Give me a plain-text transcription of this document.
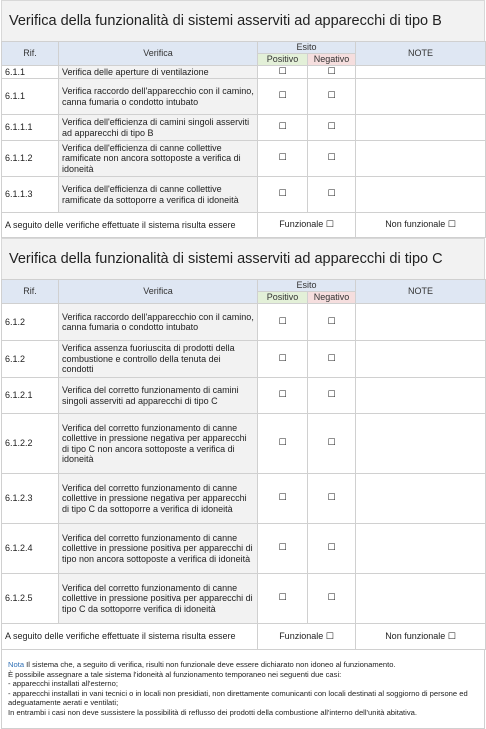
Verifica della funzionalità di sistemi asserviti ad apparecchi di tipo B
Rif.	Verifica	Esito		NOTE
		Positivo	Negativo	
6.1.1	Verifica delle aperture di ventilazione	☐	☐	
6.1.1	Verifica raccordo dell'apparecchio con il camino, canna fumaria o condotto intubato	☐	☐	
6.1.1.1	Verifica dell'efficienza di camini singoli asserviti ad apparecchi di tipo B	☐	☐	
6.1.1.2	Verifica dell'efficienza di canne collettive ramificate non ancora sottoposte a verifica di idoneità	☐	☐	
6.1.1.3	Verifica dell'efficienza di canne collettive ramificate da sottoporre a verifica di idoneità	☐	☐	
A seguito delle verifiche effettuate il sistema risulta essere		Funzionale ☐		Non funzionale ☐
Verifica della funzionalità di sistemi asserviti ad apparecchi di tipo C
Rif.	Verifica	Esito		NOTE
		Positivo	Negativo	
6.1.2	Verifica raccordo dell'apparecchio con il camino, canna fumaria o condotto intubato	☐	☐	
6.1.2	Verifica assenza fuoriuscita di prodotti della combustione e controllo della tenuta dei condotti	☐	☐	
6.1.2.1	Verifica del corretto funzionamento di camini singoli asserviti ad apparecchi di tipo C	☐	☐	
6.1.2.2	Verifica del corretto funzionamento di canne collettive in pressione negativa per apparecchi di tipo C non ancora sottoposte a verifica di idoneità	☐	☐	
6.1.2.3	Verifica del corretto funzionamento di canne collettive in pressione negativa per apparecchi di tipo C da sottoporre a verifica di idoneità	☐	☐	
6.1.2.4	Verifica del corretto funzionamento di canne collettive in pressione positiva per apparecchi di tipo non ancora sottoposte a verifica di idoneità	☐	☐	
6.1.2.5	Verifica del corretto funzionamento di canne collettive in pressione positiva per apparecchi di tipo C da sottoporre verifica di idoneità	☐	☐	
A seguito delle verifiche effettuate il sistema risulta essere		Funzionale ☐		Non funzionale ☐
Nota Il sistema che, a seguito di verifica, risulti non funzionale deve essere dichiarato non idoneo al funzionamento.
È possibile assegnare a tale sistema l'idoneità al funzionamento temporaneo nei seguenti due casi:
- apparecchi installati all'esterno;
- apparecchi installati in vani tecnici o in locali non presidiati, non direttamente comunicanti con locali destinati al soggiorno di persone ed adeguatamente aerati e ventilati;
In entrambi i casi non deve sussistere la possibilità di reflusso dei prodotti della combustione all'interno dell'unità abitativa.
